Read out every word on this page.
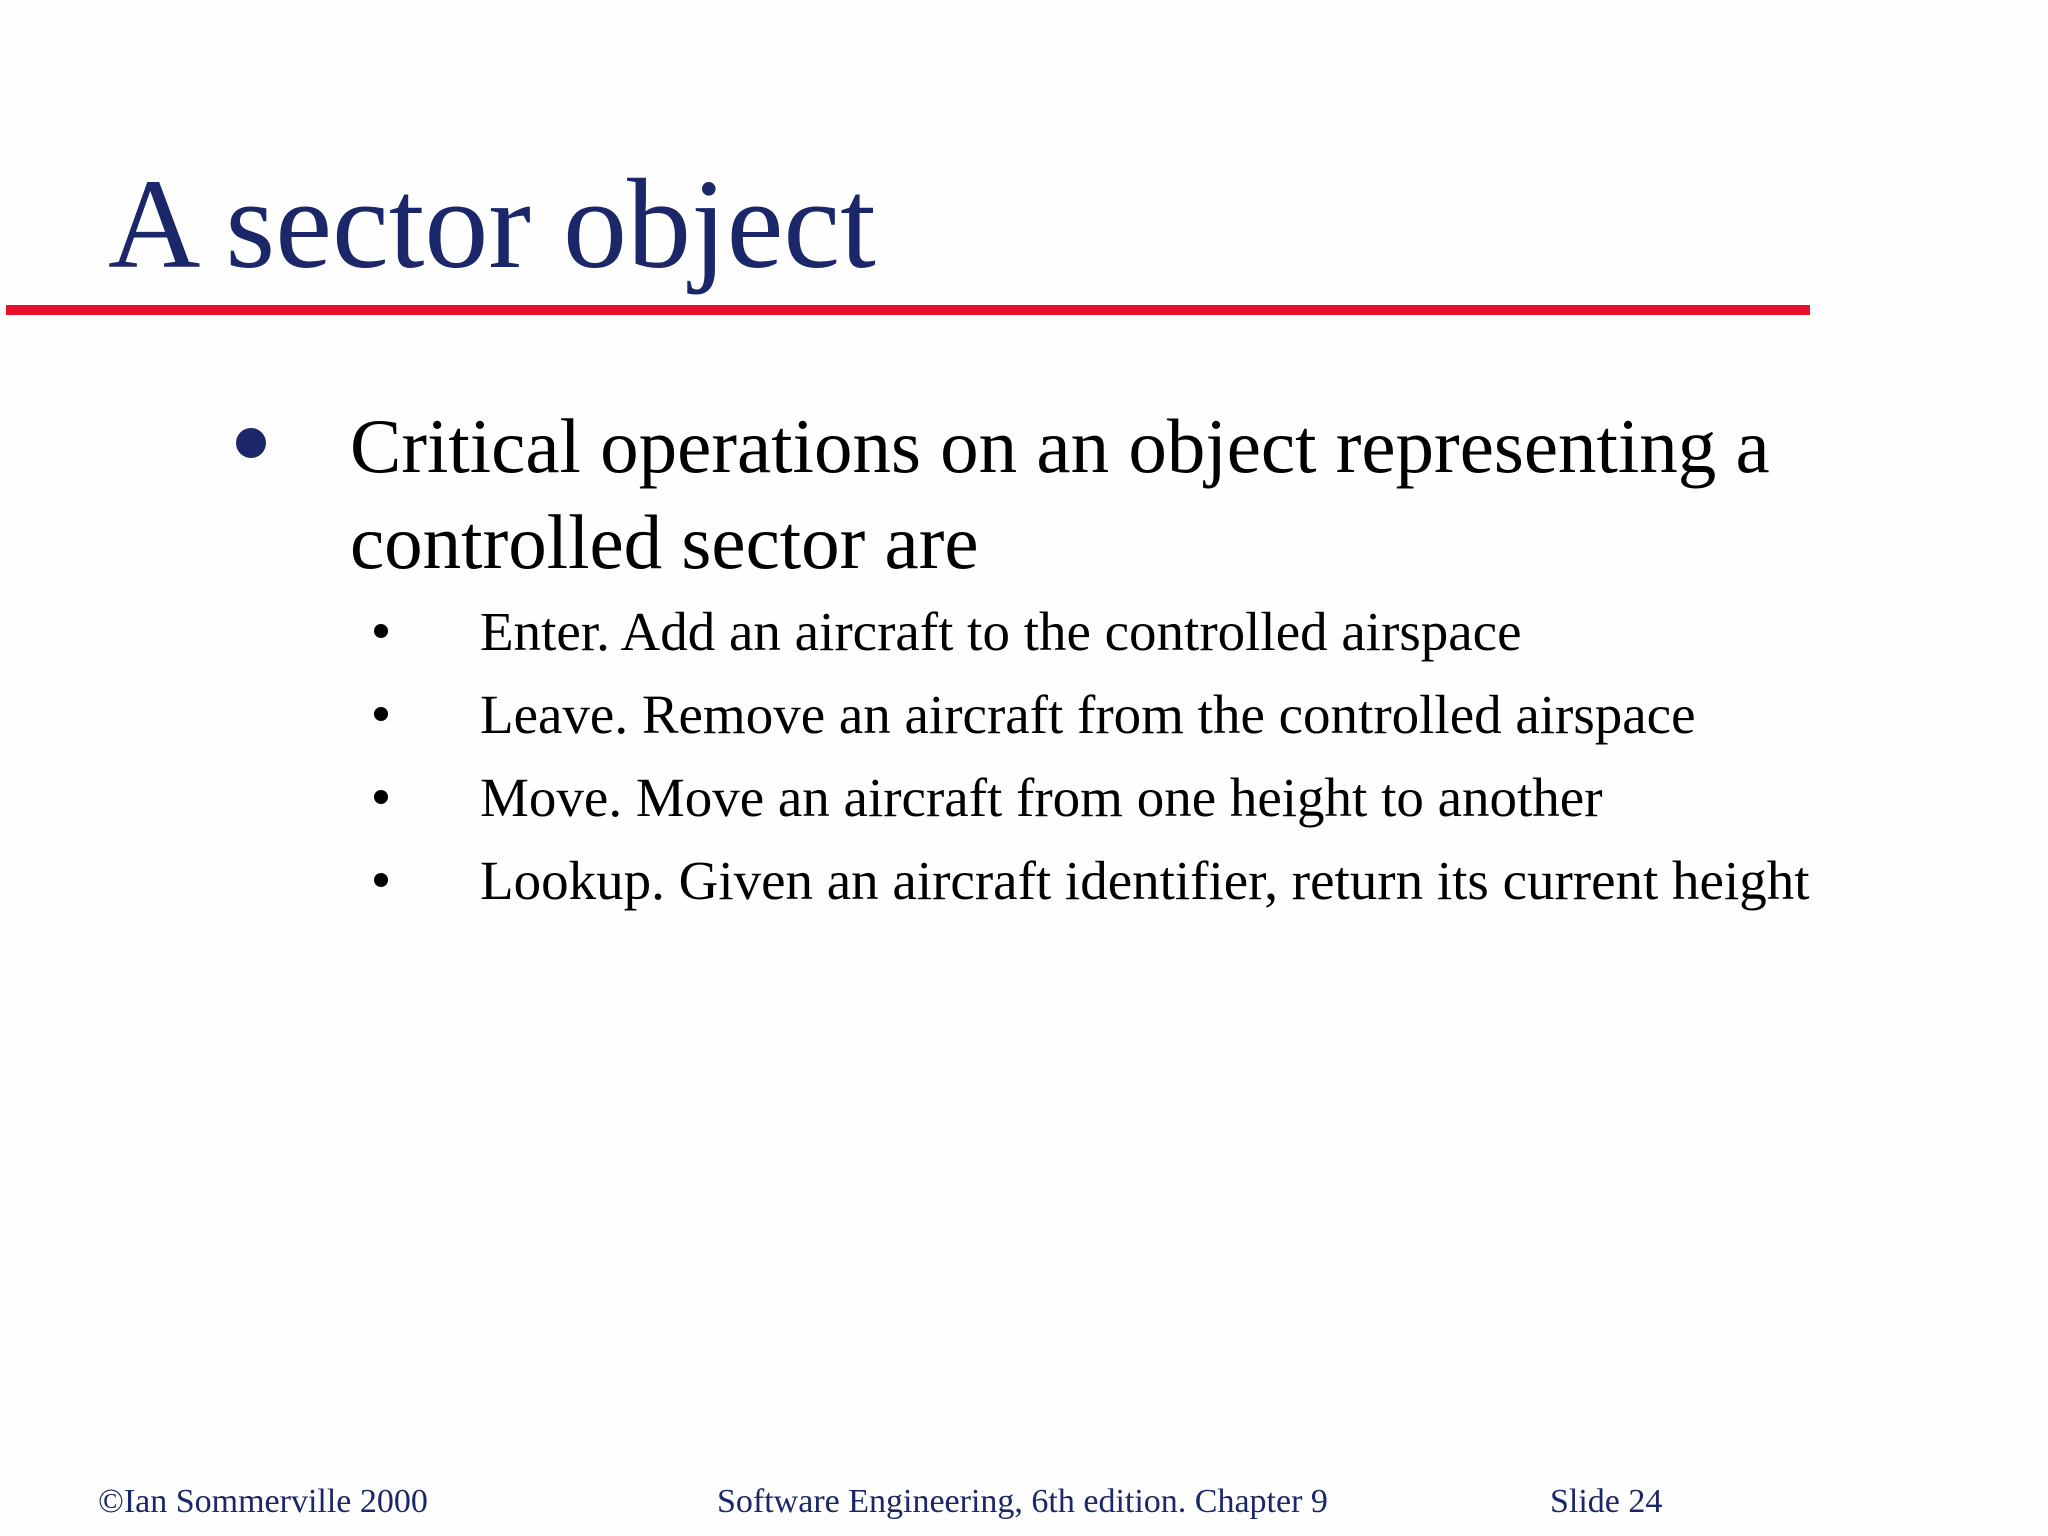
A sector object
Critical operations on an object representing a controlled sector are
Enter. Add an aircraft to the controlled airspace
Leave. Remove an aircraft from the controlled airspace
Move. Move an aircraft from one height to another
Lookup. Given an aircraft identifier, return its current height
©Ian Sommerville 2000	Software Engineering, 6th edition. Chapter 9	Slide 24
